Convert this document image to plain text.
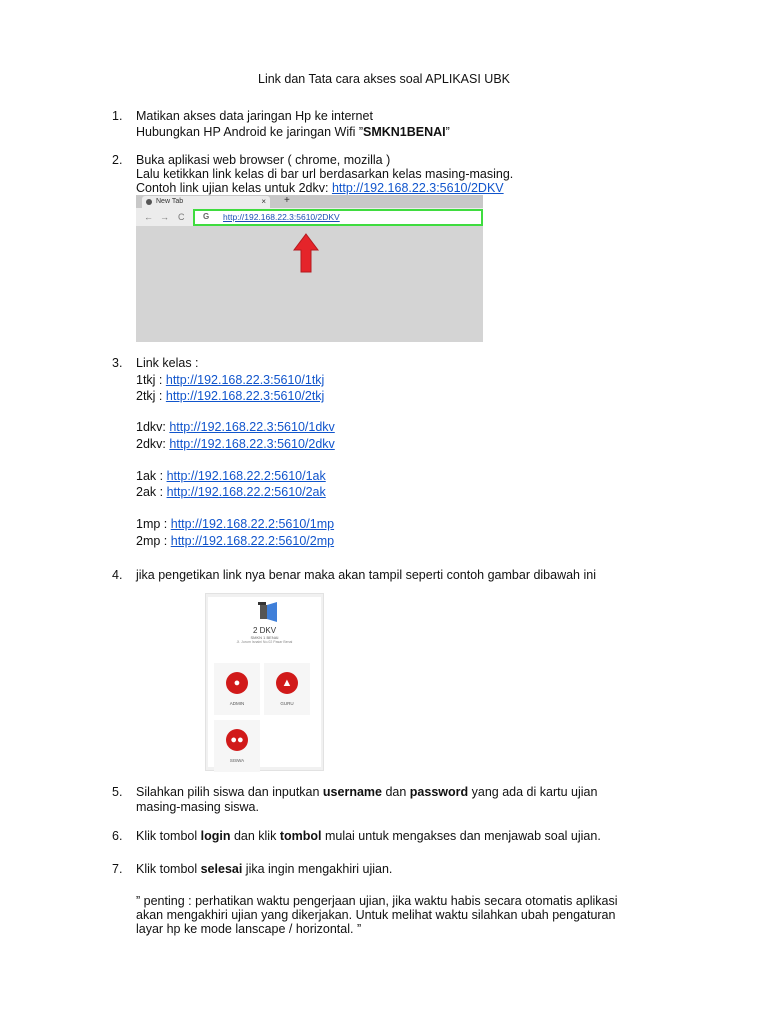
Link dan Tata cara akses soal APLIKASI UBK
1.	Matikan akses data jaringan Hp ke internet
Hubungkan HP Android ke jaringan Wifi ”SMKN1BENAI”
2.	Buka aplikasi web browser ( chrome, mozilla )
Lalu ketikkan link kelas di bar url berdasarkan kelas masing-masing.
Contoh link ujian kelas untuk 2dkv: http://192.168.22.3:5610/2DKV
New Tab	× +
← → C G http://192.168.22.3:5610/2DKV
3.	Link kelas :
1tkj : http://192.168.22.3:5610/1tkj
2tkj : http://192.168.22.3:5610/2tkj
1dkv: http://192.168.22.3:5610/1dkv
2dkv: http://192.168.22.3:5610/2dkv
1ak : http://192.168.22.2:5610/1ak
2ak : http://192.168.22.2:5610/2ak
1mp : http://192.168.22.2:5610/1mp
2mp : http://192.168.22.2:5610/2mp
4.	jika pengetikan link nya benar maka akan tampil seperti contoh gambar dibawah ini
2 DKV
SMKN 1 BENAI
Jl. Jurum Isnaini No.02 Pasar Benai
●
ADMIN
▲
GURU
●●
SISWA
5.	Silahkan pilih siswa dan inputkan username dan password yang ada di kartu ujian
masing-masing siswa.
6.	Klik tombol login dan klik tombol mulai untuk mengakses dan menjawab soal ujian.
7.	Klik tombol selesai jika ingin mengakhiri ujian.
” penting : perhatikan waktu pengerjaan ujian, jika waktu habis secara otomatis aplikasi
akan mengakhiri ujian yang dikerjakan. Untuk melihat waktu silahkan ubah pengaturan
layar hp ke mode lanscape / horizontal. ”
